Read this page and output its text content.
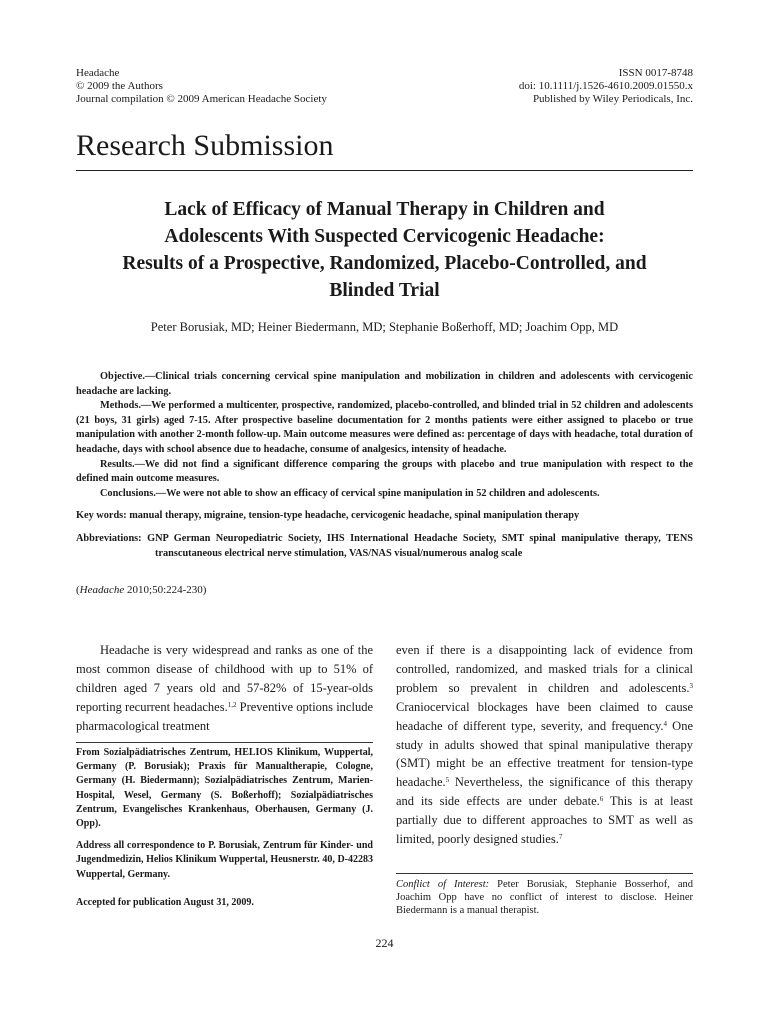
Headache
© 2009 the Authors
Journal compilation © 2009 American Headache Society
ISSN 0017-8748
doi: 10.1111/j.1526-4610.2009.01550.x
Published by Wiley Periodicals, Inc.
Research Submission
Lack of Efficacy of Manual Therapy in Children and
Adolescents With Suspected Cervicogenic Headache:
Results of a Prospective, Randomized, Placebo-Controlled, and
Blinded Trial
Peter Borusiak, MD; Heiner Biedermann, MD; Stephanie Boßerhoff, MD; Joachim Opp, MD

Objective.—Clinical trials concerning cervical spine manipulation and mobilization in children and adolescents with cervicogenic headache are lacking.

Methods.—We performed a multicenter, prospective, randomized, placebo-controlled, and blinded trial in 52 children and adolescents (21 boys, 31 girls) aged 7-15. After prospective baseline documentation for 2 months patients were either assigned to placebo or true manipulation with another 2-month follow-up. Main outcome measures were defined as: percentage of days with headache, total duration of headache, days with school absence due to headache, consume of analgesics, intensity of headache.

Results.—We did not find a significant difference comparing the groups with placebo and true manipulation with respect to the defined main outcome measures.

Conclusions.—We were not able to show an efficacy of cervical spine manipulation in 52 children and adolescents.

Key words: manual therapy, migraine, tension-type headache, cervicogenic headache, spinal manipulation therapy

Abbreviations: GNP German Neuropediatric Society, IHS International Headache Society, SMT spinal manipulative therapy, TENS transcutaneous electrical nerve stimulation, VAS/NAS visual/numerous analog scale

(Headache 2010;50:224-230)

Headache is very widespread and ranks as one of the most common disease of childhood with up to 51% of children aged 7 years old and 57-82% of 15-year-olds reporting recurrent headaches.$^{1,2}$ Preventive options include pharmacological treatment

From Sozialpädiatrisches Zentrum, HELIOS Klinikum, Wuppertal, Germany (P. Borusiak); Praxis für Manualtherapie, Cologne, Germany (H. Biedermann); Sozialpädiatrisches Zentrum, Marien-Hospital, Wesel, Germany (S. Boßerhoff); Sozialpädiatrisches Zentrum, Evangelisches Krankenhaus, Oberhausen, Germany (J. Opp).

Address all correspondence to P. Borusiak, Zentrum für Kinder- und Jugendmedizin, Helios Klinikum Wuppertal, Heusnerstr. 40, D-42283 Wuppertal, Germany.

Accepted for publication August 31, 2009.

even if there is a disappointing lack of evidence from controlled, randomized, and masked trials for a clinical problem so prevalent in children and adolescents.$^3$ Craniocervical blockages have been claimed to cause headache of different type, severity, and frequency.$^4$ One study in adults showed that spinal manipulative therapy (SMT) might be an effective treatment for tension-type headache.$^5$ Nevertheless, the significance of this therapy and its side effects are under debate.$^6$ This is at least partially due to different approaches to SMT as well as limited, poorly designed studies.$^7$

Conflict of Interest: Peter Borusiak, Stephanie Bosserhof, and Joachim Opp have no conflict of interest to disclose. Heiner Biedermann is a manual therapist.
224
